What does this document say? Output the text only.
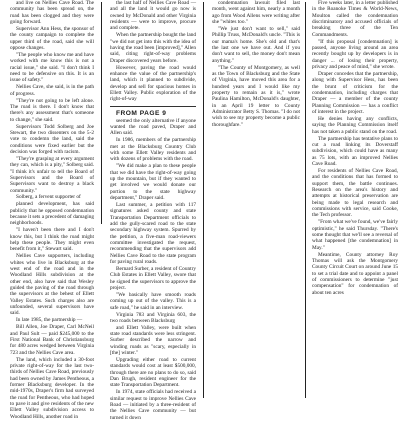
and live on Nellies Cave Road. The community has been spread on, the road has been clogged and they were going forward.

Supervisor Ann Hess, the sponsor of the county campaign to complete the upper third of the road, said she will oppose changes.

"The people who know me and have worked with me know this is not a racial issue," she said. "I don't think I need to be defensive on this. It is an issue of safety."

Nellies Cave, she said, is in the path of progress.

"They're not going to be left alone. The road is there. I don't know that there's any assessment that's someone to change," she said.

Supervisors Todd Solberg and Joe Stewart, the two dissenters on the 5-2 vote to condemn the land, said the conditions were fixed earlier but the decision was forged with racism.

"They're grasping at every argument they can, which is a pity," Solberg said. "I think it's unfair to tell the Board of Supervisors and the Board of Supervisors want to destroy a black community."

Solberg, a fervent supporter of

planned development, has said publicly that he opposed condemnation because it sets a precedent of damaging neighborhoods.

"I haven't been there and I don't know this, but I think the road might help these people. They might even benefit from it," Stewart said.

Nellies Cave supporters, including whites who live in Blacksburg at the west end of the road and in the Woodland Hills subdivision at the other end, also have said that Wesley guided the paving of the road through the supervisors at the behest of Ellett Valley Estates. Such charges also are unfounded, several supervisors have said.

In late 1985, the partnership —

Bill Allen, Joe Draper, Carl McNeil and Paul Sult — paid $245,000 to the First National Bank of Christiansburg for 480 acres wedged between Virginia 723 and the Nellies Cave area.

The land, which included a 30-foot private right-of-way for the last two-thirds of Nellies Cave Road, previously had been owned by James Pentheous, a former Blacksburg developer. In the mid-1970s, Draper's firm had surveyed the road for Pentheous, who had hoped to pave it and give residents of the new Ellett Valley subdivision access to Woodland Hills, another road in

the last half of Nellies Cave Road — and all the land it would go now is owned by McDonald and other Virginia residents — were to improve, procure and complete.

When the partnership bought the land "we did not get into this with the idea of having the road been [improved]," Allen said, citing right-of-way problems Draper discovered years before.

However, paving the road would enhance the value of the partnership's land, which it planned to subdivide, develop and sell for spacious homes in Ellett Valley. Public exploration of the right-of-way

FROM PAGE 9

seemed the only alternative if anyone wanted the road paved, Draper and Allen said.

In 1986, members of the partnership met at the Blacksburg Country Club with some Ellett Valley residents and with dozens of problems with the road.

"We did make a plan to these people that we did have the right-of-way going up the mountain, but if they wanted to get involved we would donate our portion to the state highway department," Draper said.

Last summer, a petition with 117 signatures asked county and state Transportation Department officials to add the gully-scared road to the state secondary highway system. Spurred by the petition, a five-man road-viewers committee investigated the request, recommending that the supervisors add Nellies Cave Road to the state program for paving rural roads.

Bernard Surber, a resident of Country Club Estates in Ellett Valley, swore that he signed the supervisors to approve the project.

"We basically have smooth roads coming up out of the valley. This is a safe road," he said in an interview.

Virginia 783 and Virginia 603, the two roads between Blacksburg

and Ellett Valley, were built when state road standards were less stringent. Surber described the narrow and winding roads as "scary, especially in [the] winter."

Upgrading either road to current standards would cost at least $500,000, through there are no plans to do so, said Dan Brugh, resident engineer for the state Transportation Department.

In 1974, state officials had received a similar request to improve Nellies Cave Road — initiated by a three-resident of the Nellies Cave community — but turned it down

condemnation lawsuit filed last month, went against him, nearly a month ago from Wood Allens were writing after she "whites too."

"We just don't want to sell," said Phillip Truss, McDonald's uncle. "This is our mama's home. She's old and that's the last one we have out. And if you don't want to sell, the money don't mean anything."

"The County of Montgomery, as well as the Town of Blacksburg and the State of Virginia, have moved this area for a hundred years and I would like my property to remain as it is," wrote Paulina Hamilton, McDonald's daughter, in an April 19 letter to County Administrator Betty S. Thomas. "I do not wish to see my property become a public thoroughfare."

Five weeks later, in a letter published in the Roanoke Times & World-News, Moulton called the condemnation discriminatory and accused officials of breaking three of the Ten Commandments.

"If this proposal [condemnation] is passed, anyone living around an area recently bought up by developers is in danger ... of losing their property, privacy and peace of mind," she wrote.

Draper concedes that the partnership, along with Supervisor Hess, has been the brunt of criticism for the condemnation, including charges that Draper — a member of the county Planning Commission — has a conflict of interest in the project.

He denies having any conflicts, saying the Planning Commission itself has not taken a public stand on the road.

The partnership has tentative plans to cut a road linking its Doverstaff subdivision, which could have as many as 75 lots, with an improved Nellies Cave Road.

For residents of Nellies Cave Road, and the conditions that has formed to support them, the battle continues. Research on the area's history and attempts at historical preservation are being made to legal research and commissions with service, said Cooke, the Tech professor.

"From what we've found, we've fairly optimistic," he said Thursday. "There's some thought that we'll see a reversal of what happened [the condemnation] in May."

Meantime, County attorney Roy Thomas will ask the Montgomery County Circuit Court on around June 15 to set a trial date and to appoint a panel of commissioners to determine "just compensation" for condemnation of about ten acres
